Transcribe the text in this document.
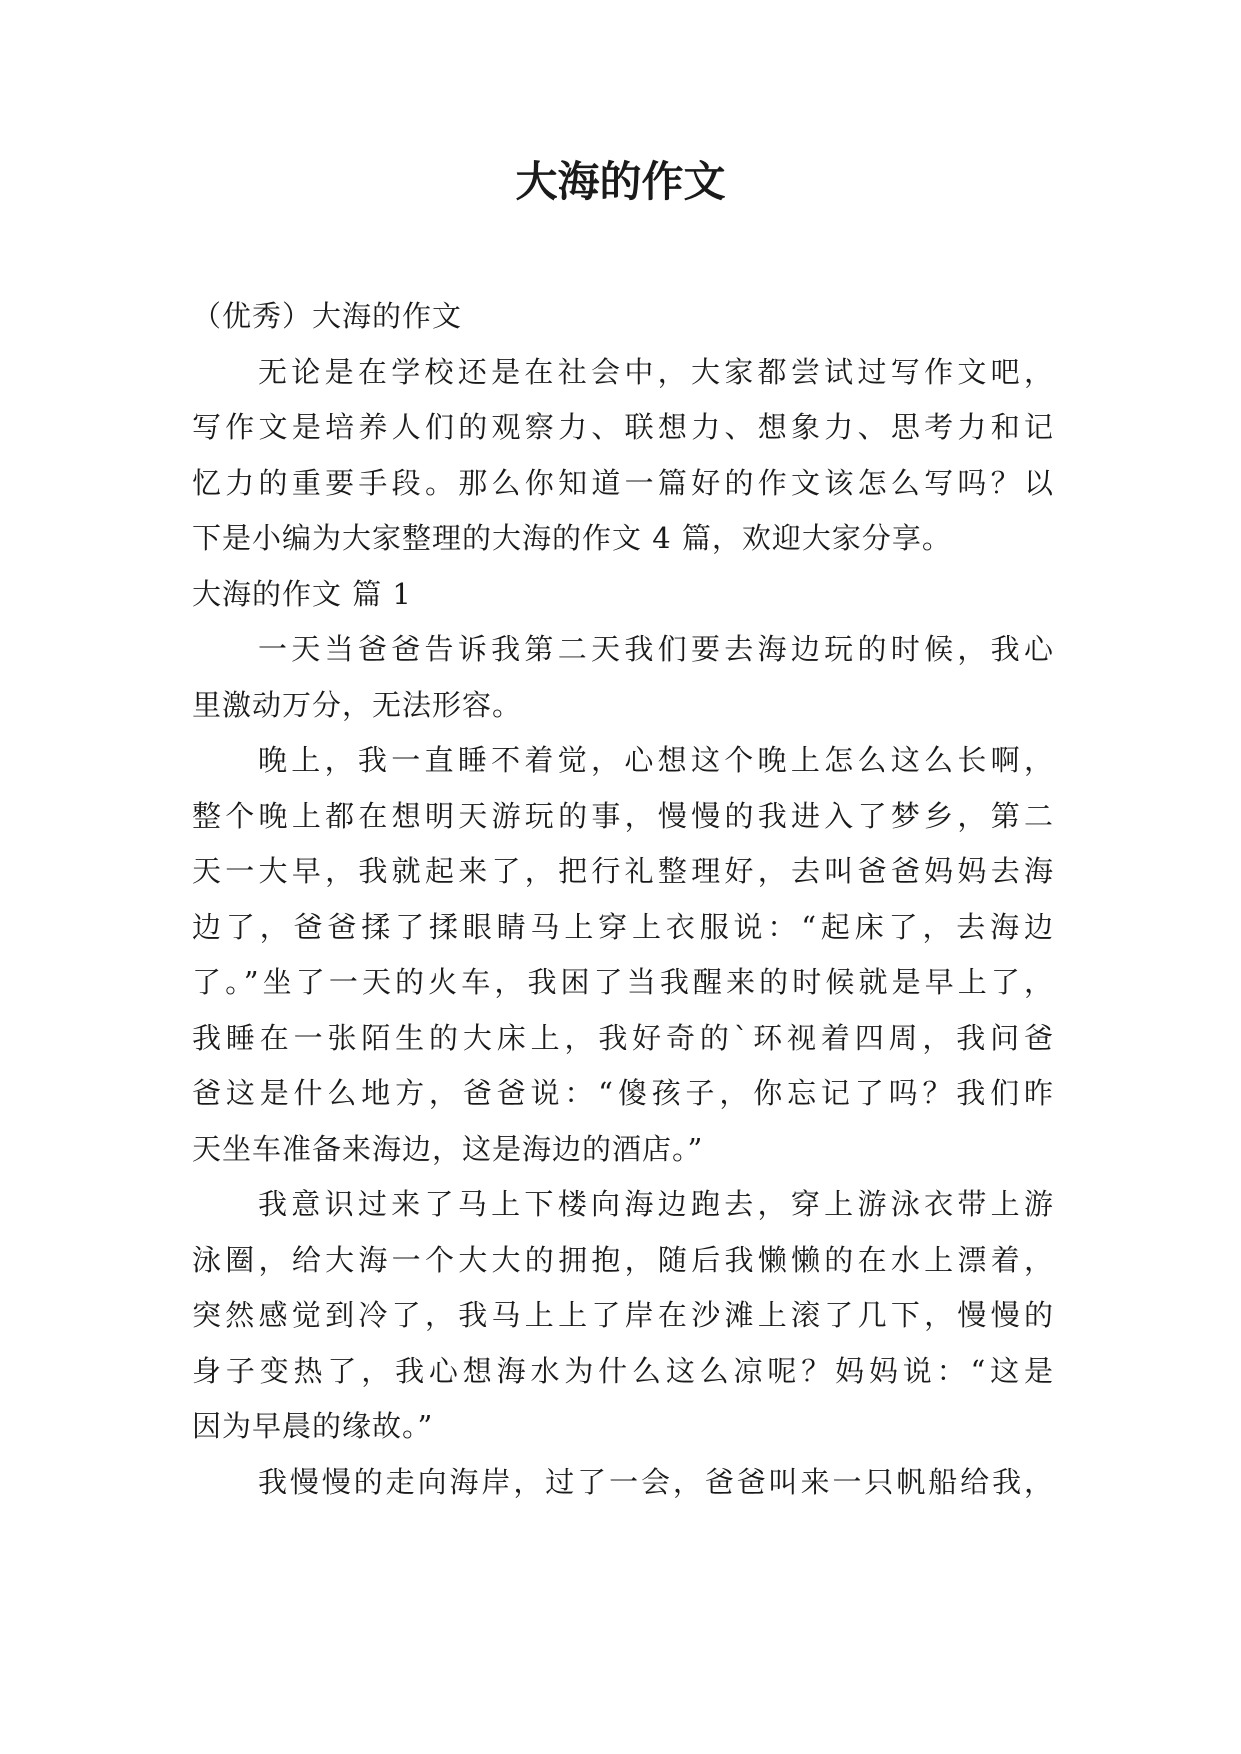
大海的作文
（优秀）大海的作文
无论是在学校还是在社会中，大家都尝试过写作文吧，
写作文是培养人们的观察力、联想力、想象力、思考力和记
忆力的重要手段。那么你知道一篇好的作文该怎么写吗？以
下是小编为大家整理的大海的作文 4 篇，欢迎大家分享。
大海的作文 篇 1
一天当爸爸告诉我第二天我们要去海边玩的时候，我心
里激动万分，无法形容。
晚上，我一直睡不着觉，心想这个晚上怎么这么长啊，
整个晚上都在想明天游玩的事，慢慢的我进入了梦乡，第二
天一大早，我就起来了，把行礼整理好，去叫爸爸妈妈去海
边了，爸爸揉了揉眼睛马上穿上衣服说：“起床了，去海边
了。”坐了一天的火车，我困了当我醒来的时候就是早上了，
我睡在一张陌生的大床上，我好奇的`环视着四周，我问爸
爸这是什么地方，爸爸说：“傻孩子，你忘记了吗？我们昨
天坐车准备来海边，这是海边的酒店。”
我意识过来了马上下楼向海边跑去，穿上游泳衣带上游
泳圈，给大海一个大大的拥抱，随后我懒懒的在水上漂着，
突然感觉到冷了，我马上上了岸在沙滩上滚了几下，慢慢的
身子变热了，我心想海水为什么这么凉呢？妈妈说：“这是
因为早晨的缘故。”
我慢慢的走向海岸，过了一会，爸爸叫来一只帆船给我，
